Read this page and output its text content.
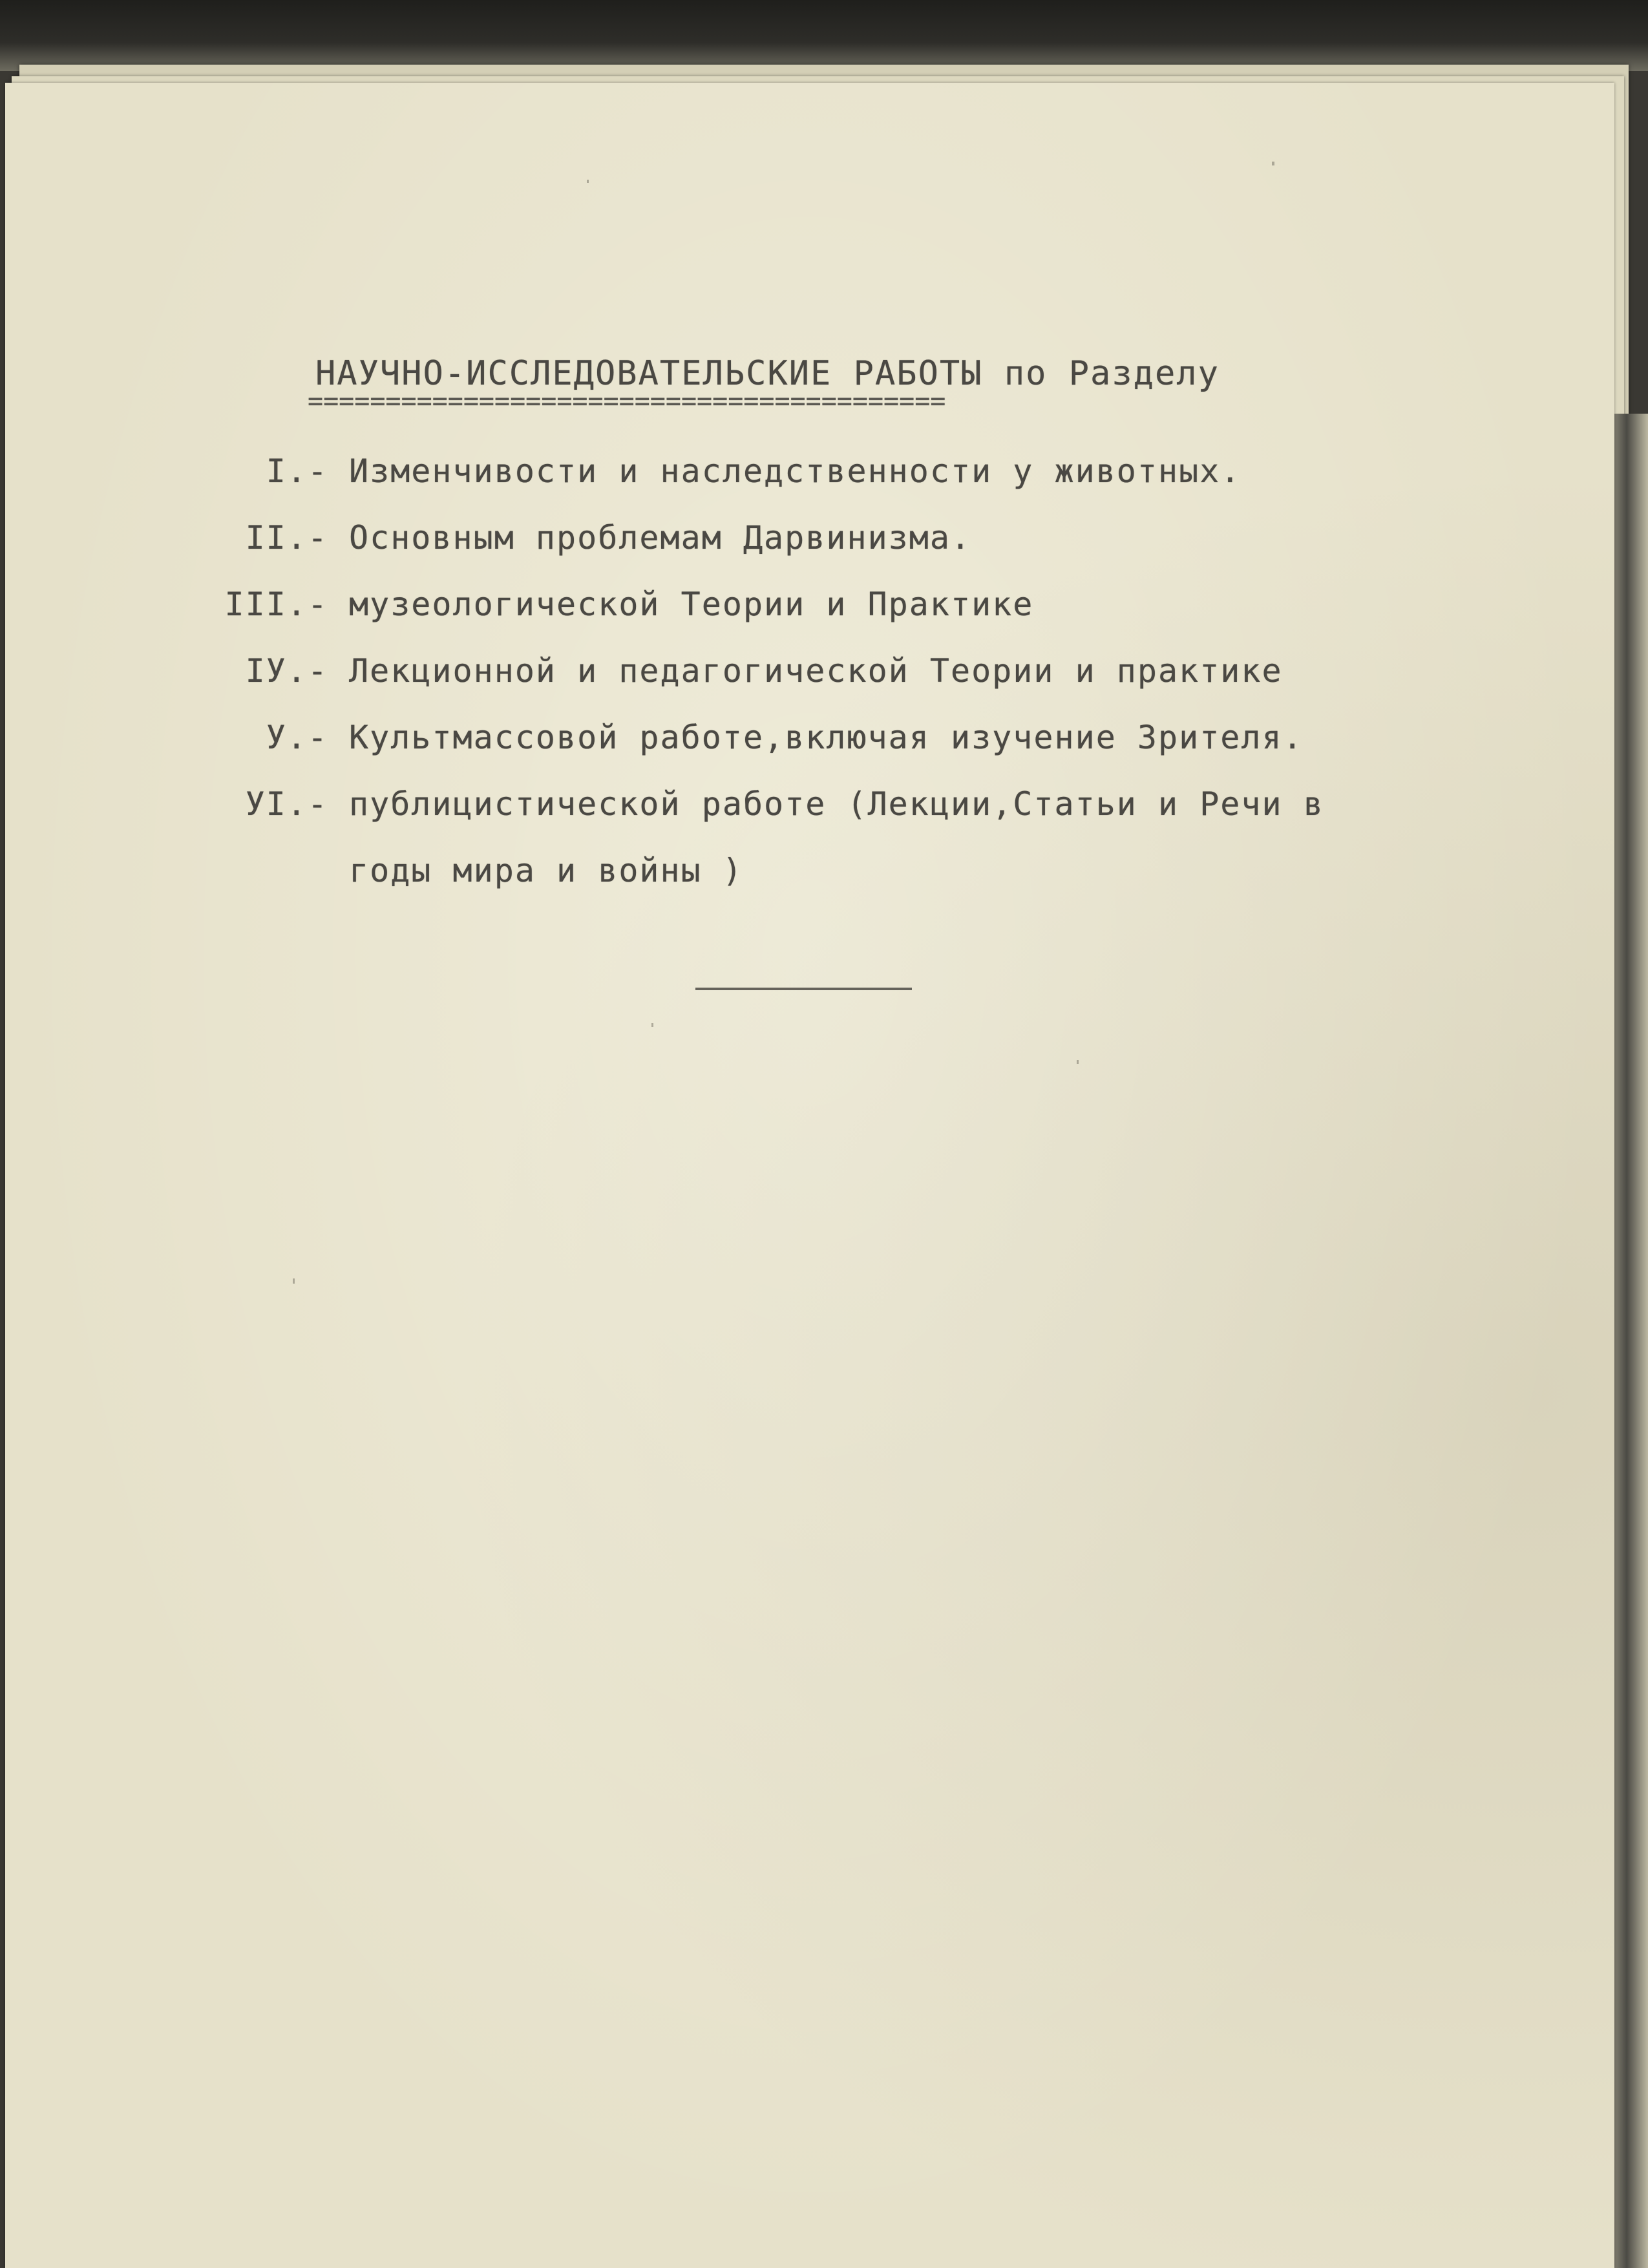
НАУЧНО-ИССЛЕДОВАТЕЛЬСКИЕ РАБОТЫ по Разделу
=========================================
I.- Изменчивости и наследственности у животных.
II.- Основным проблемам Дарвинизма.
III.- музеологической Теории и Практике
IУ.- Лекционной и педагогической Теории и практике
У.- Культмассовой работе,включая изучение Зрителя.
УI.- публицистической работе (Лекции,Статьи и Речи в
годы мира и войны )
